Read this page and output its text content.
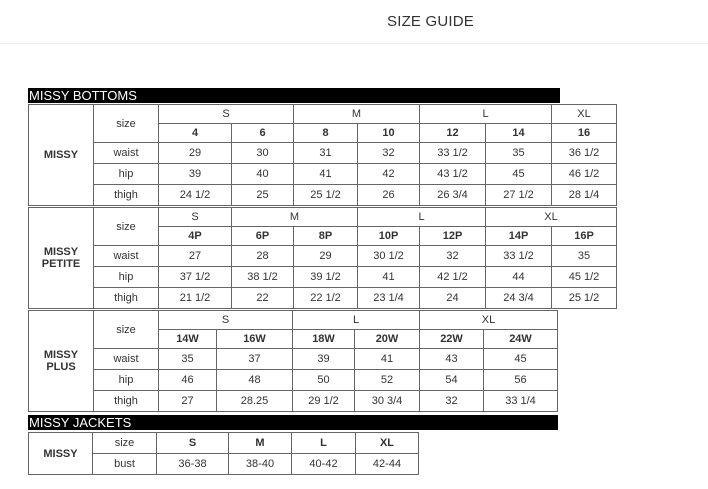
SIZE GUIDE
MISSY BOTTOMS
MISSY	size	S		M		L		XL
		4	6	8	10	12	14	16
	waist	29	30	31	32	33 1/2	35	36 1/2
	hip	39	40	41	42	43 1/2	45	46 1/2
	thigh	24 1/2	25	25 1/2	26	26 3/4	27 1/2	28 1/4
MISSY
PETITE	size	S	M		L		XL	
		4P	6P	8P	10P	12P	14P	16P
	waist	27	28	29	30 1/2	32	33 1/2	35
	hip	37 1/2	38 1/2	39 1/2	41	42 1/2	44	45 1/2
	thigh	21 1/2	22	22 1/2	23 1/4	24	24 3/4	25 1/2
MISSY
PLUS	size	S		L		XL	
		14W	16W	18W	20W	22W	24W
	waist	35	37	39	41	43	45
	hip	46	48	50	52	54	56
	thigh	27	28.25	29 1/2	30 3/4	32	33 1/4
MISSY JACKETS
MISSY	size	S	M	L	XL
	bust	36-38	38-40	40-42	42-44
